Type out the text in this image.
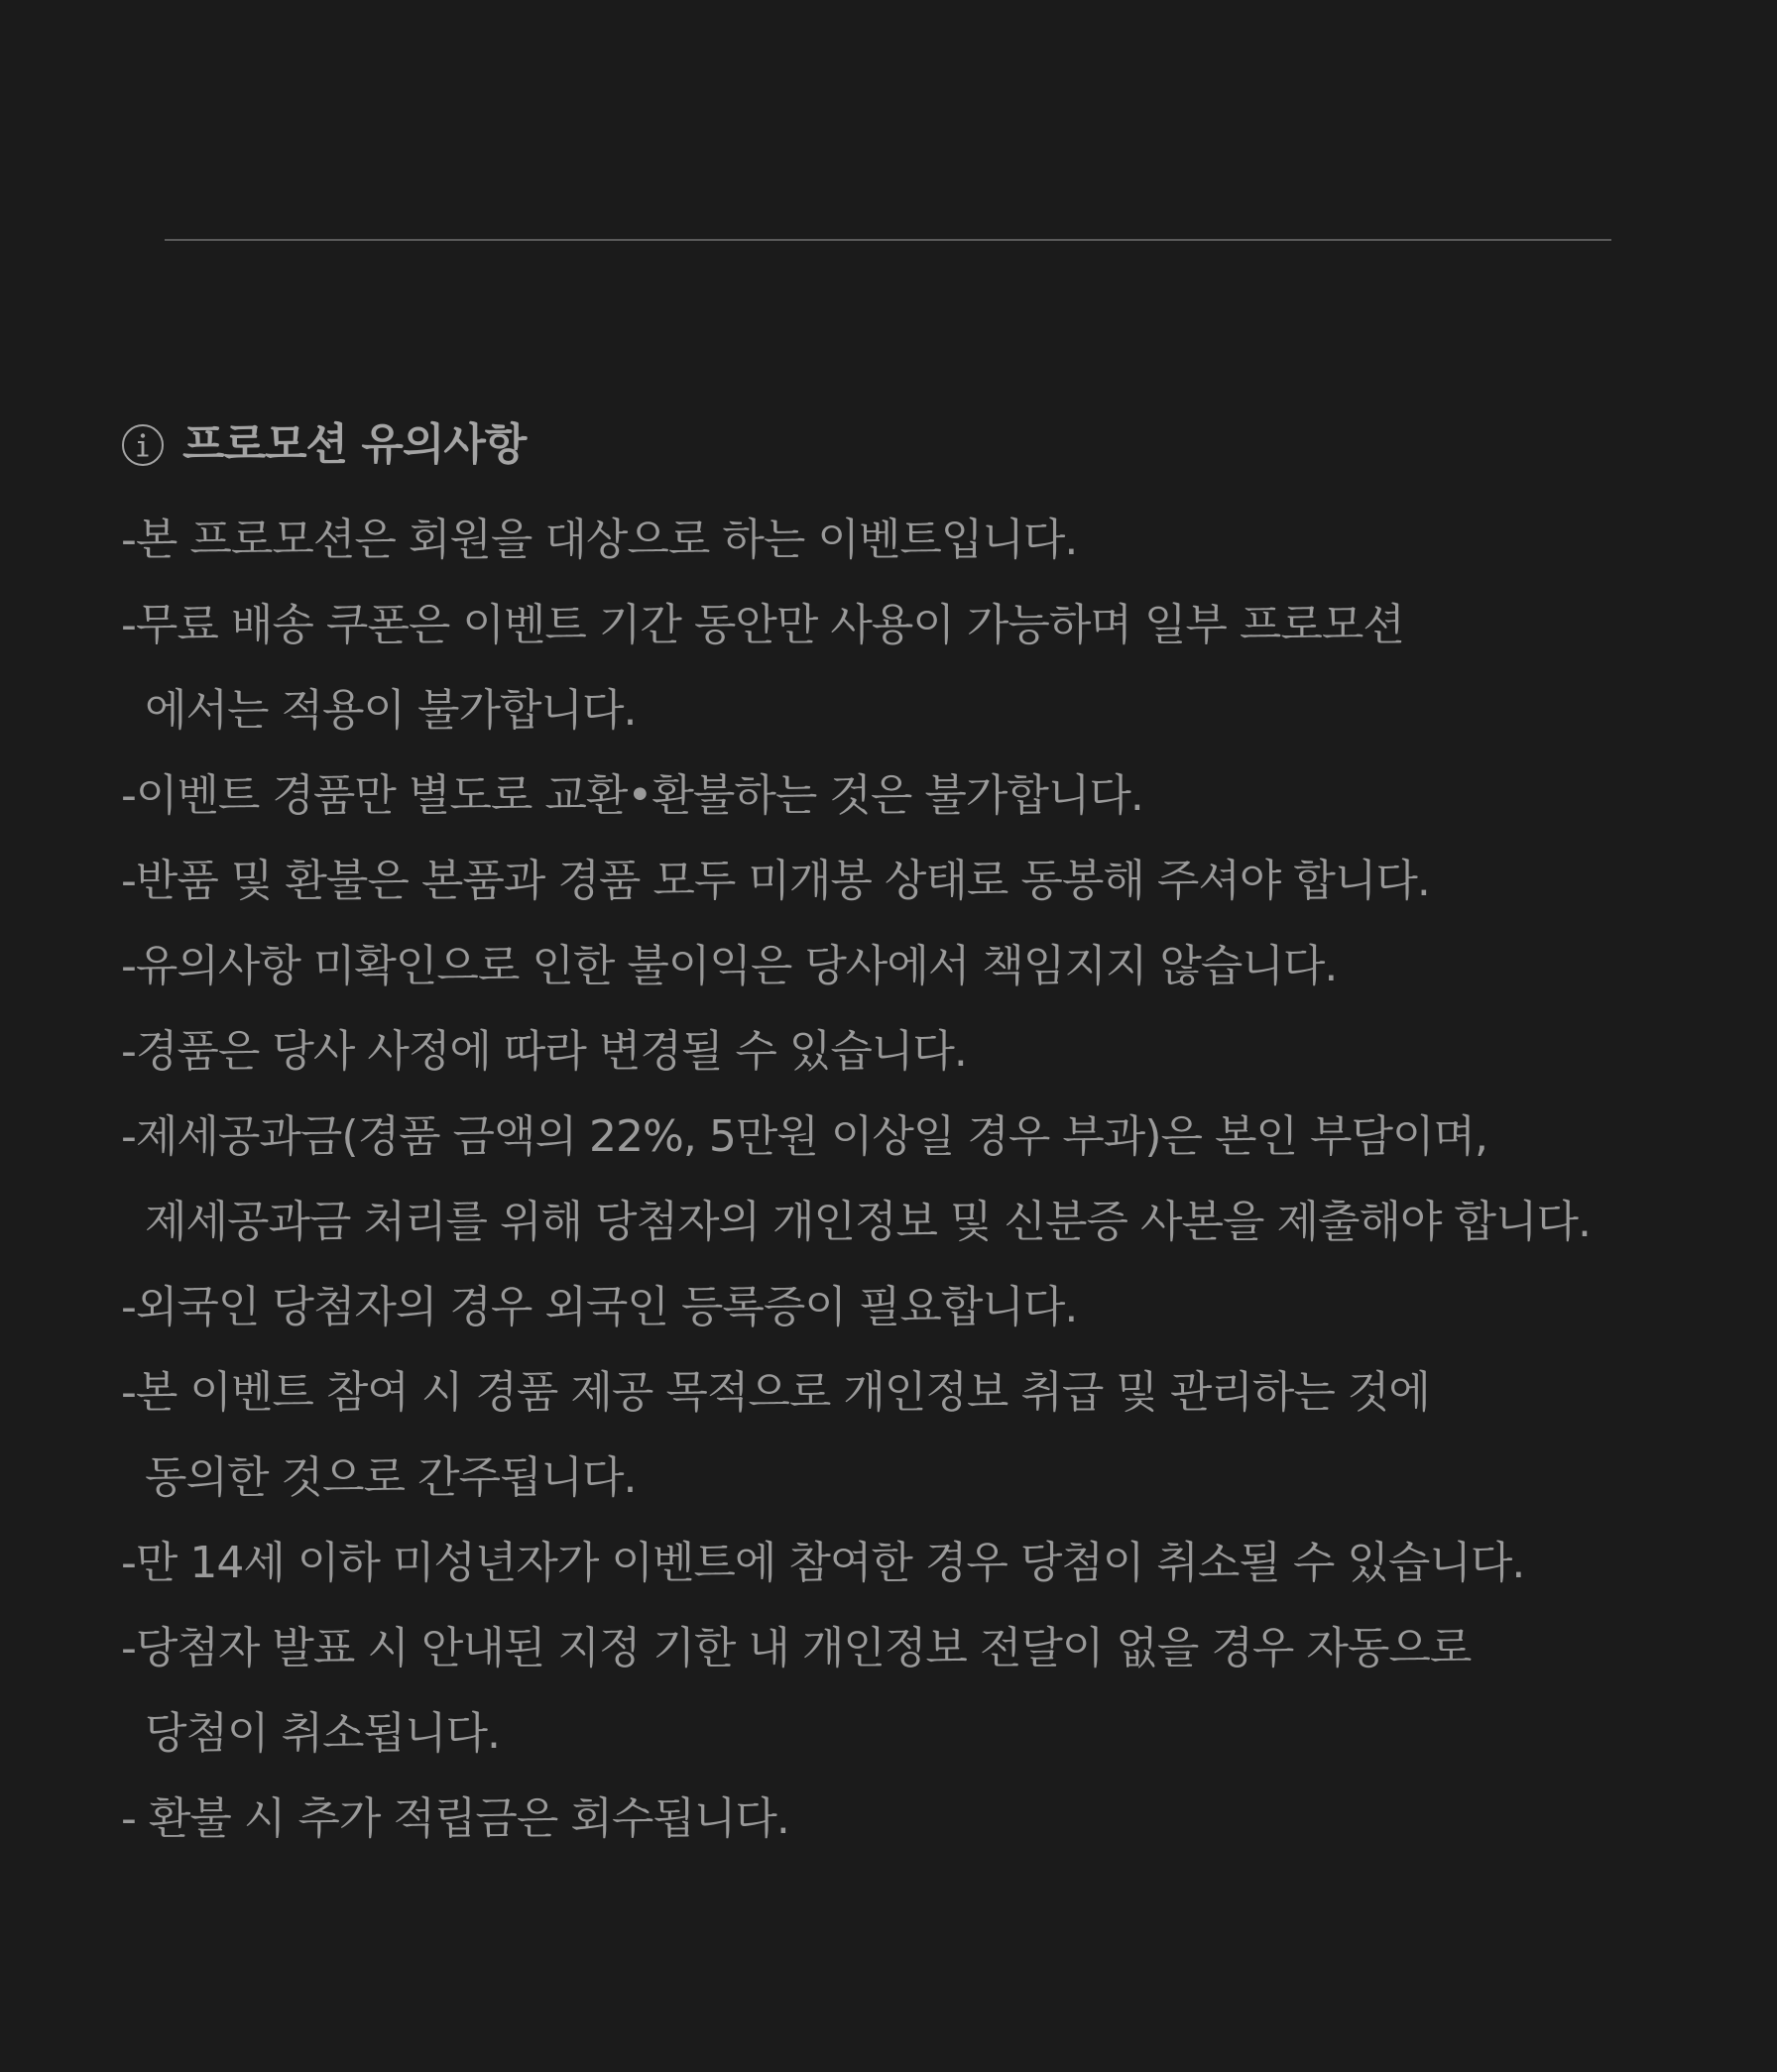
프로모션 유의사항
-본 프로모션은 회원을 대상으로 하는 이벤트입니다.
-무료 배송 쿠폰은 이벤트 기간 동안만 사용이 가능하며 일부 프로모션
에서는 적용이 불가합니다.
-이벤트 경품만 별도로 교환•환불하는 것은 불가합니다.
-반품 및 환불은 본품과 경품 모두 미개봉 상태로 동봉해 주셔야 합니다.
-유의사항 미확인으로 인한 불이익은 당사에서 책임지지 않습니다.
-경품은 당사 사정에 따라 변경될 수 있습니다.
-제세공과금(경품 금액의 22%, 5만원 이상일 경우 부과)은 본인 부담이며,
제세공과금 처리를 위해 당첨자의 개인정보 및 신분증 사본을 제출해야 합니다.
-외국인 당첨자의 경우 외국인 등록증이 필요합니다.
-본 이벤트 참여 시 경품 제공 목적으로 개인정보 취급 및 관리하는 것에
동의한 것으로 간주됩니다.
-만 14세 이하 미성년자가 이벤트에 참여한 경우 당첨이 취소될 수 있습니다.
-당첨자 발표 시 안내된 지정 기한 내 개인정보 전달이 없을 경우 자동으로
당첨이 취소됩니다.
- 환불 시 추가 적립금은 회수됩니다.
